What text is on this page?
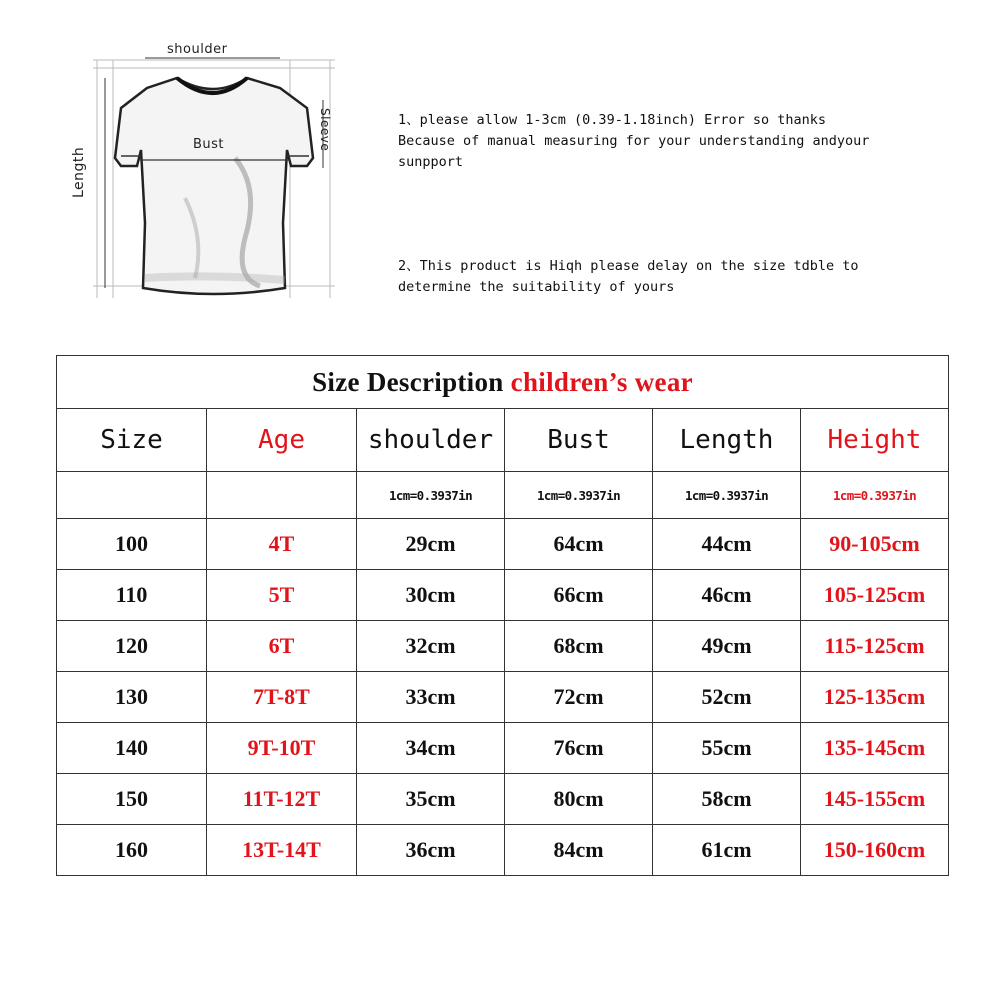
shoulder
Bust
Length
Sleeve	1、please allow 1-3cm (0.39-1.18inch) Error so thanks
Because of manual measuring for your understanding andyour
sunpport

2、This product is Hiqh please delay on the size tdble to
determine the suitability of yours

Size Description children’s wear					
Size	Age	shoulder	Bust	Length	Height
		1cm=0.3937in	1cm=0.3937in	1cm=0.3937in	1cm=0.3937in
100	4T	29cm	64cm	44cm	90-105cm
110	5T	30cm	66cm	46cm	105-125cm
120	6T	32cm	68cm	49cm	115-125cm
130	7T-8T	33cm	72cm	52cm	125-135cm
140	9T-10T	34cm	76cm	55cm	135-145cm
150	11T-12T	35cm	80cm	58cm	145-155cm
160	13T-14T	36cm	84cm	61cm	150-160cm
